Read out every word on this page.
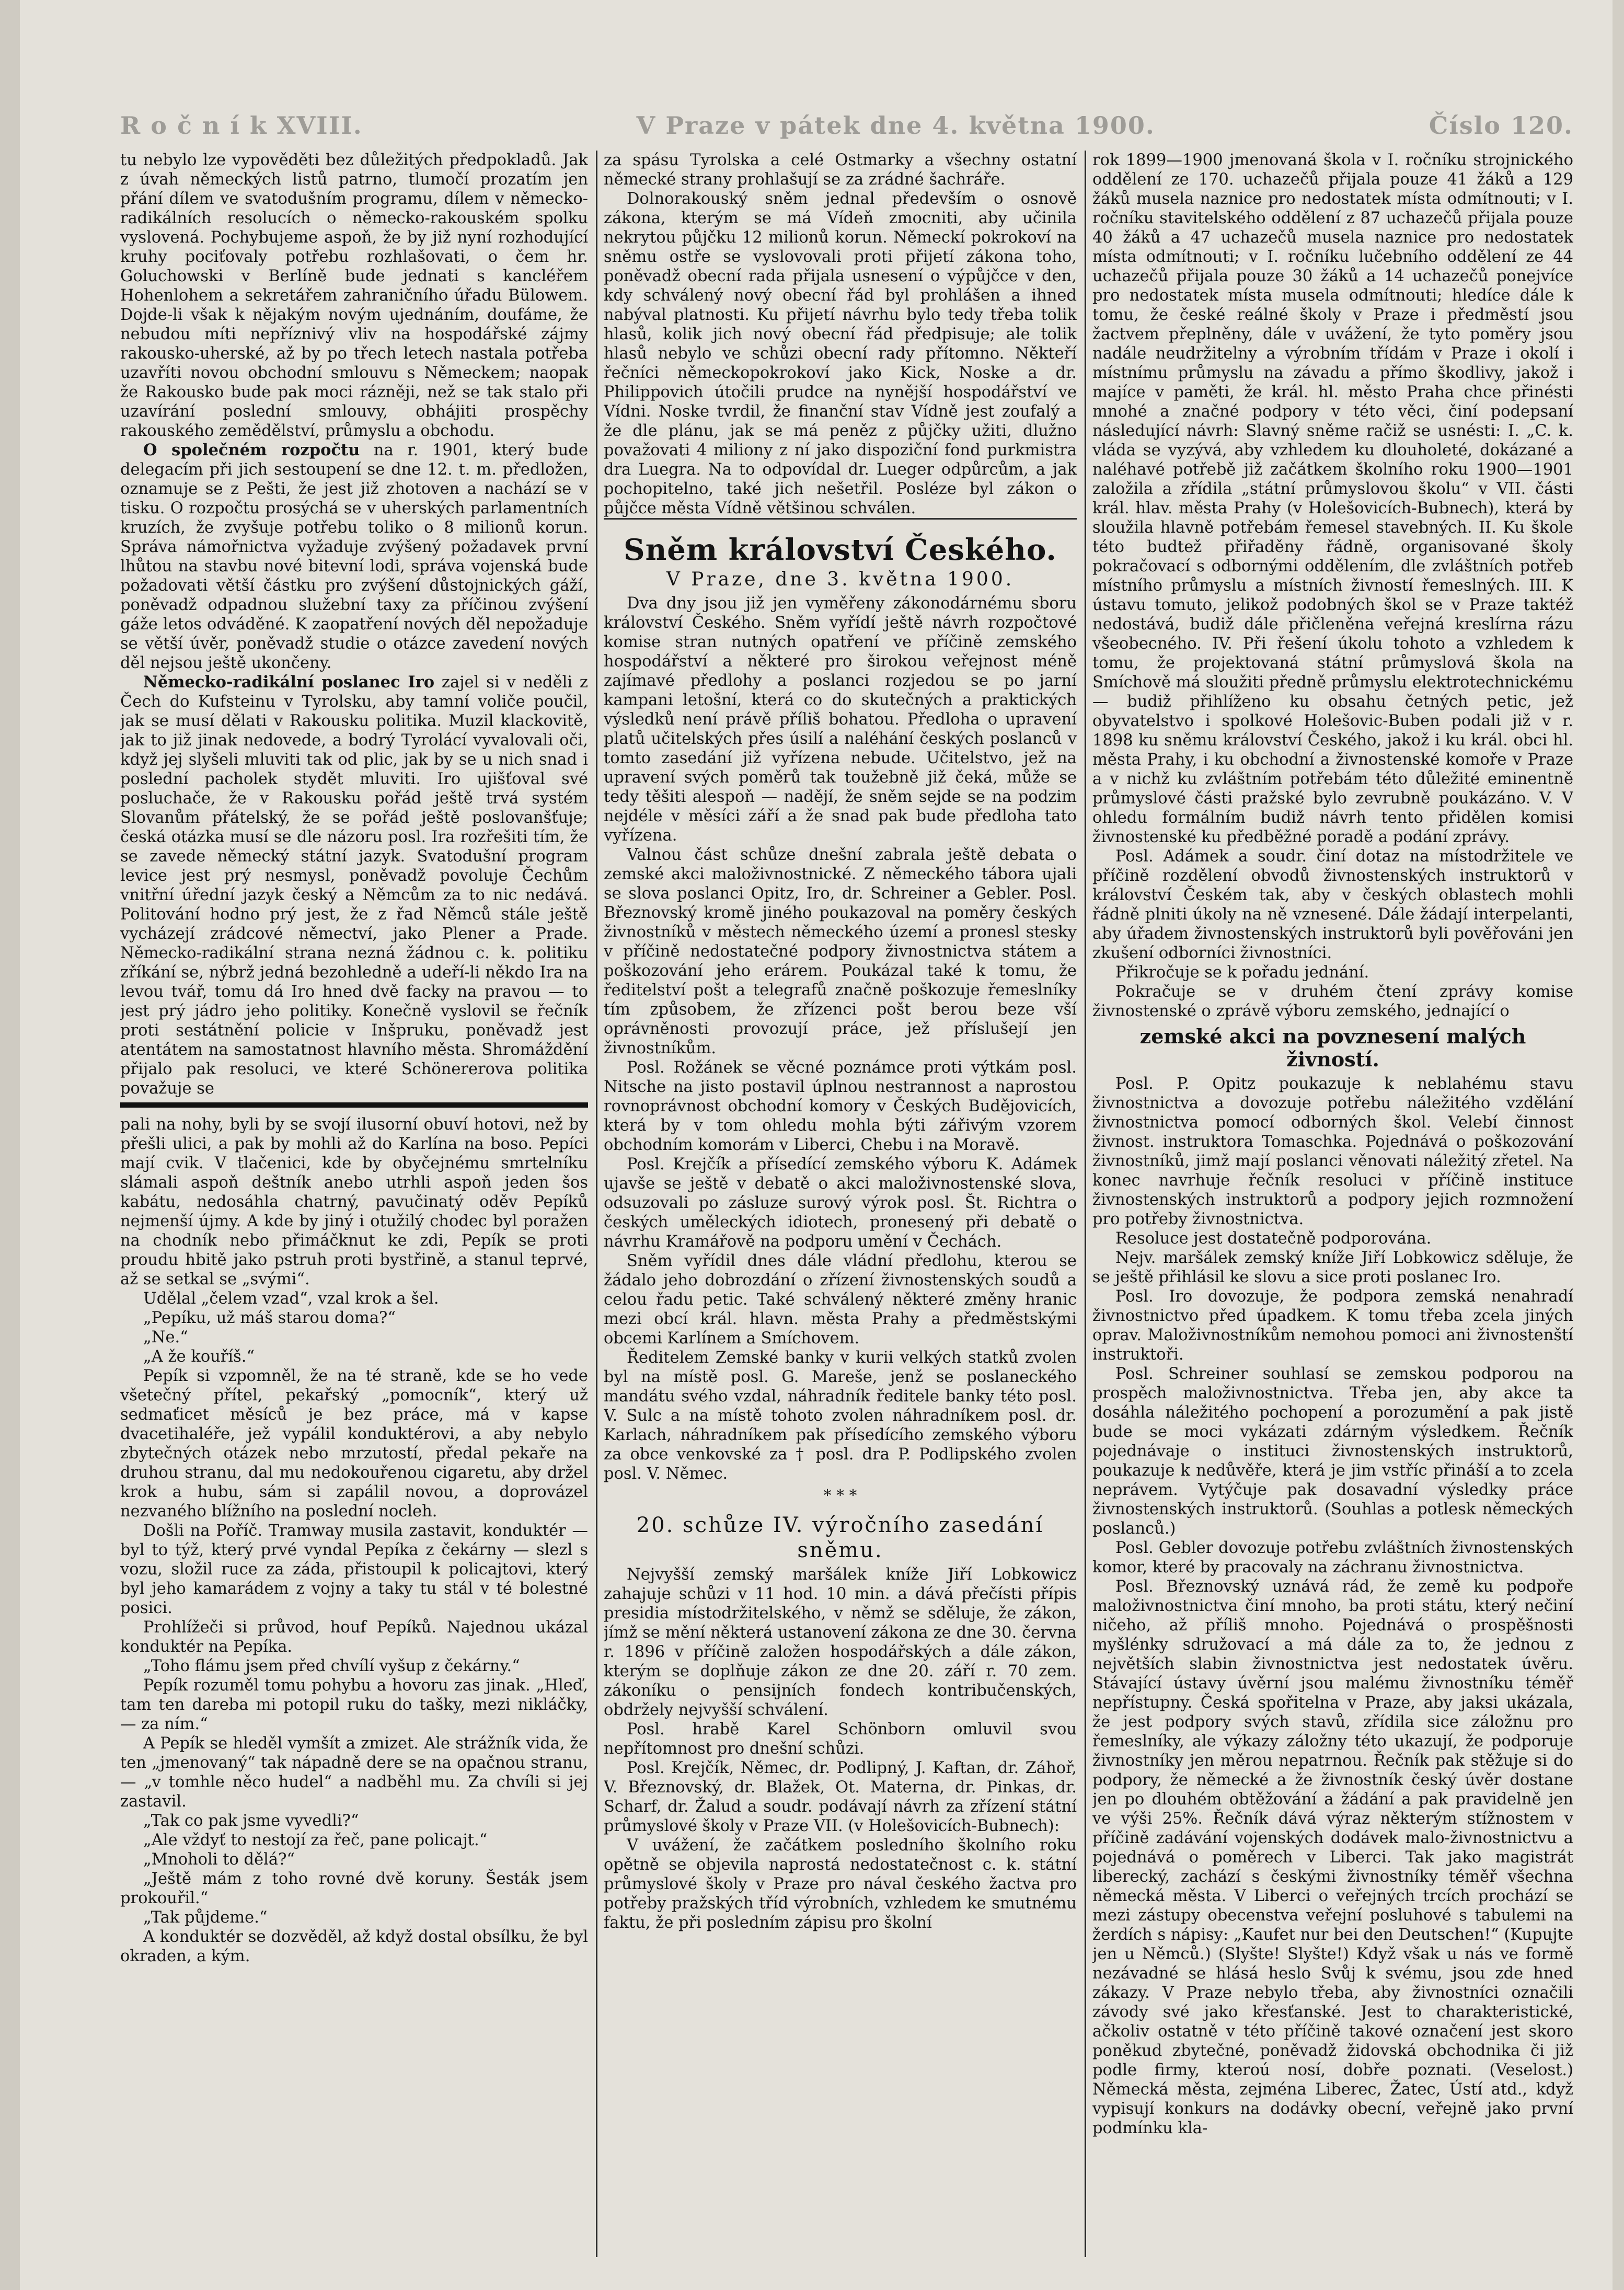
R o č n í k XVIII.	V Praze v pátek dne 4. května 1900.	Číslo 120.

tu nebylo lze vypověděti bez důležitých předpokladů. Jak z úvah německých listů patrno, tlumočí prozatím jen přání dílem ve svatodušním programu, dílem v německo-radikálních resolucích o německo-rakouském spolku vyslovená. Pochybujeme aspoň, že by již nyní rozhodující kruhy pociťovaly potřebu rozhlašovati, o čem hr. Goluchowski v Berlíně bude jednati s kancléřem Hohenlohem a sekretářem zahraničního úřadu Bülowem. Dojde-li však k nějakým novým ujednáním, doufáme, že nebudou míti nepříznivý vliv na hospodářské zájmy rakousko-uherské, až by po třech letech nastala potřeba uzavříti novou obchodní smlouvu s Německem; naopak že Rakousko bude pak moci rázněji, než se tak stalo při uzavírání poslední smlouvy, obhájiti prospěchy rakouského zemědělství, průmyslu a obchodu.

O společném rozpočtu na r. 1901, který bude delegacím při jich sestoupení se dne 12. t. m. předložen, oznamuje se z Pešti, že jest již zhotoven a nachází se v tisku. O rozpočtu prosýchá se v uherských parlamentních kruzích, že zvyšuje potřebu toliko o 8 milionů korun. Správa námořnictva vyžaduje zvýšený požadavek první lhůtou na stavbu nové bitevní lodi, správa vojenská bude požadovati větší částku pro zvýšení důstojnických gáží, poněvadž odpadnou služební taxy za příčinou zvýšení gáže letos odváděné. K zaopatření nových děl nepožaduje se větší úvěr, poněvadž studie o otázce zavedení nových děl nejsou ještě ukončeny.

Německo-radikální poslanec Iro zajel si v neděli z Čech do Kufsteinu v Tyrolsku, aby tamní voliče poučil, jak se musí dělati v Rakousku politika. Muzil klackovitě, jak to již jinak nedovede, a bodrý Tyrolácí vyvalovali oči, když jej slyšeli mluviti tak od plic, jak by se u nich snad i poslední pacholek stydět mluviti. Iro ujišťoval své posluchače, že v Rakousku pořád ještě trvá systém Slovanům přátelský, že se pořád ještě poslovanšťuje; česká otázka musí se dle názoru posl. Ira rozřešiti tím, že se zavede německý státní jazyk. Svatodušní program levice jest prý nesmysl, poněvadž povoluje Čechům vnitřní úřední jazyk český a Němcům za to nic nedává. Politování hodno prý jest, že z řad Němců stále ještě vycházejí zrádcové němectví, jako Plener a Prade. Německo-radikální strana nezná žádnou c. k. politiku zříkání se, nýbrž jedná bezohledně a udeří-li někdo Ira na levou tvář, tomu dá Iro hned dvě facky na pravou — to jest prý jádro jeho politiky. Konečně vyslovil se řečník proti sestátnění policie v Inšpruku, poněvadž jest atentátem na samostatnost hlavního města. Shromáždění přijalo pak resoluci, ve které Schönererova politika považuje se

pali na nohy, byli by se svojí ilusorní obuví hotovi, než by přešli ulici, a pak by mohli až do Karlína na boso. Pepíci mají cvik. V tlačenici, kde by obyčejnému smrtelníku slámali aspoň deštník anebo utrhli aspoň jeden šos kabátu, nedosáhla chatrný, pavučinatý oděv Pepíků nejmenší újmy. A kde by jiný i otužilý chodec byl poražen na chodník nebo přimáčknut ke zdi, Pepík se proti proudu hbitě jako pstruh proti bystřině, a stanul teprvé, až se setkal se „svými“.

Udělal „čelem vzad“, vzal krok a šel.

„Pepíku, už máš starou doma?“

„Ne.“

„A že kouříš.“

Pepík si vzpomněl, že na té straně, kde se ho vede všetečný přítel, pekařský „pomocník“, který už sedmaťicet měsíců je bez práce, má v kapse dvacetihaléře, jež vypálil konduktérovi, a aby nebylo zbytečných otázek nebo mrzutostí, předal pekaře na druhou stranu, dal mu nedokouřenou cigaretu, aby držel krok a hubu, sám si zapálil novou, a doprovázel nezvaného blížního na poslední nocleh.

Došli na Poříč. Tramway musila zastavit, konduktér — byl to týž, který prvé vyndal Pepíka z čekárny — slezl s vozu, složil ruce za záda, přistoupil k policajtovi, který byl jeho kamarádem z vojny a taky tu stál v té bolestné posici.

Prohlížeči si průvod, houf Pepíků. Najednou ukázal konduktér na Pepíka.

„Toho flámu jsem před chvílí vyšup z čekárny.“

Pepík rozuměl tomu pohybu a hovoru zas jinak. „Hleď, tam ten dareba mi potopil ruku do tašky, mezi nikláčky, — za ním.“

A Pepík se hleděl vymšít a zmizet. Ale strážník vida, že ten „jmenovaný“ tak nápadně dere se na opačnou stranu, — „v tomhle něco hudel“ a nadběhl mu. Za chvíli si jej zastavil.

„Tak co pak jsme vyvedli?“

„Ale vždyť to nestojí za řeč, pane policajt.“

„Mnoholi to dělá?“

„Ještě mám z toho rovné dvě koruny. Šesták jsem prokouřil.“

„Tak půjdeme.“

A konduktér se dozvěděl, až když dostal obsílku, že byl okraden, a kým.

za spásu Tyrolska a celé Ostmarky a všechny ostatní německé strany prohlašují se za zrádné šachráře.

Dolnorakouský sněm jednal především o osnově zákona, kterým se má Vídeň zmocniti, aby učinila nekrytou půjčku 12 milionů korun. Německí pokrokoví na sněmu ostře se vyslovovali proti přijetí zákona toho, poněvadž obecní rada přijala usnesení o výpůjčce v den, kdy schválený nový obecní řád byl prohlášen a ihned nabýval platnosti. Ku přijetí návrhu bylo tedy třeba tolik hlasů, kolik jich nový obecní řád předpisuje; ale tolik hlasů nebylo ve schůzi obecní rady přítomno. Někteří řečníci německopokrokoví jako Kick, Noske a dr. Philippovich útočili prudce na nynější hospodářství ve Vídni. Noske tvrdil, že finanční stav Vídně jest zoufalý a že dle plánu, jak se má peněz z půjčky užiti, dlužno považovati 4 miliony z ní jako dispoziční fond purkmistra dra Luegra. Na to odpovídal dr. Lueger odpůrcům, a jak pochopitelno, také jich nešetřil. Posléze byl zákon o půjčce města Vídně většinou schválen.

Sněm království Českého.
V Praze, dne 3. května 1900.

Dva dny jsou již jen vyměřeny zákonodárnému sboru království Českého. Sněm vyřídí ještě návrh rozpočtové komise stran nutných opatření ve příčině zemského hospodářství a některé pro širokou veřejnost méně zajímavé předlohy a poslanci rozjedou se po jarní kampani letošní, která co do skutečných a praktických výsledků není právě příliš bohatou. Předloha o upravení platů učitelských přes úsilí a naléhání českých poslanců v tomto zasedání již vyřízena nebude. Učitelstvo, jež na upravení svých poměrů tak toužebně již čeká, může se tedy těšiti alespoň — nadějí, že sněm sejde se na podzim nejdéle v měsíci září a že snad pak bude předloha tato vyřízena.

Valnou část schůze dnešní zabrala ještě debata o zemské akci maloživnostnické. Z německého tábora ujali se slova poslanci Opitz, Iro, dr. Schreiner a Gebler. Posl. Březnovský kromě jiného poukazoval na poměry českých živnostníků v městech německého území a pronesl stesky v příčině nedostatečné podpory živnostnictva státem a poškozování jeho erárem. Poukázal také k tomu, že ředitelství pošt a telegrafů značně poškozuje řemeslníky tím způsobem, že zřízenci pošt berou beze vší oprávněnosti provozují práce, jež příslušejí jen živnostníkům.

Posl. Rožánek se věcné poznámce proti výtkám posl. Nitsche na jisto postavil úplnou nestrannost a naprostou rovnoprávnost obchodní komory v Českých Budějovicích, která by v tom ohledu mohla býti zářivým vzorem obchodním komorám v Liberci, Chebu i na Moravě.

Posl. Krejčík a přísedící zemského výboru K. Adámek ujavše se ještě v debatě o akci maloživnostenské slova, odsuzovali po zásluze surový výrok posl. Št. Richtra o českých uměleckých idiotech, pronesený při debatě o návrhu Kramářově na podporu umění v Čechách.

Sněm vyřídil dnes dále vládní předlohu, kterou se žádalo jeho dobrozdání o zřízení živnostenských soudů a celou řadu petic. Také schválený některé změny hranic mezi obcí král. hlavn. města Prahy a předměstskými obcemi Karlínem a Smíchovem.

Ředitelem Zemské banky v kurii velkých statků zvolen byl na místě posl. G. Mareše, jenž se poslaneckého mandátu svého vzdal, náhradník ředitele banky této posl. V. Sulc a na místě tohoto zvolen náhradníkem posl. dr. Karlach, náhradníkem pak přísedícího zemského výboru za obce venkovské za † posl. dra P. Podlipského zvolen posl. V. Němec.

* * *
20. schůze IV. výročního zasedání sněmu.

Nejvyšší zemský maršálek kníže Jiří Lobkowicz zahajuje schůzi v 11 hod. 10 min. a dává přečísti přípis presidia místodržitelského, v němž se sděluje, že zákon, jímž se mění některá ustanovení zákona ze dne 30. června r. 1896 v příčině založen hospodářských a dále zákon, kterým se doplňuje zákon ze dne 20. září r. 70 zem. zákoníku o pensijních fondech kontribučenských, obdržely nejvyšší schválení.

Posl. hrabě Karel Schönborn omluvil svou nepřítomnost pro dnešní schůzi.

Posl. Krejčík, Němec, dr. Podlipný, J. Kaftan, dr. Záhoř, V. Březnovský, dr. Blažek, Ot. Materna, dr. Pinkas, dr. Scharf, dr. Žalud a soudr. podávají návrh za zřízení státní průmyslové školy v Praze VII. (v Holešovicích-Bubnech):

V uvážení, že začátkem posledního školního roku opětně se objevila naprostá nedostatečnost c. k. státní průmyslové školy v Praze pro nával českého žactva pro potřeby pražských tříd výrobních, vzhledem ke smutnému faktu, že při posledním zápisu pro školní

rok 1899—1900 jmenovaná škola v I. ročníku strojnického oddělení ze 170. uchazečů přijala pouze 41 žáků a 129 žáků musela naznice pro nedostatek místa odmítnouti; v I. ročníku stavitelského oddělení z 87 uchazečů přijala pouze 40 žáků a 47 uchazečů musela naznice pro nedostatek místa odmítnouti; v I. ročníku lučebního oddělení ze 44 uchazečů přijala pouze 30 žáků a 14 uchazečů ponejvíce pro nedostatek místa musela odmítnouti; hledíce dále k tomu, že české reálné školy v Praze i předměstí jsou žactvem přeplněny, dále v uvážení, že tyto poměry jsou nadále neudržitelny a výrobním třídám v Praze i okolí i místnímu průmyslu na závadu a přímo škodlivy, jakož i majíce v paměti, že král. hl. město Praha chce přinésti mnohé a značné podpory v této věci, činí podepsaní následující návrh: Slavný sněme račiž se usnésti: I. „C. k. vláda se vyzývá, aby vzhledem ku dlouholeté, dokázané a naléhavé potřebě již začátkem školního roku 1900—1901 založila a zřídila „státní průmyslovou školu“ v VII. části král. hlav. města Prahy (v Holešovicích-Bubnech), která by sloužila hlavně potřebám řemesel stavebných. II. Ku škole této budtež přiřaděny řádně, organisované školy pokračovací s odbornými oddělením, dle zvláštních potřeb místního průmyslu a místních živností řemeslných. III. K ústavu tomuto, jelikož podobných škol se v Praze taktéž nedostává, budiž dále přičleněna veřejná kreslírna rázu všeobecného. IV. Při řešení úkolu tohoto a vzhledem k tomu, že projektovaná státní průmyslová škola na Smíchově má sloužiti předně průmyslu elektrotechnickému — budiž přihlíženo ku obsahu četných petic, jež obyvatelstvo i spolkové Holešovic-Buben podali již v r. 1898 ku sněmu království Českého, jakož i ku král. obci hl. města Prahy, i ku obchodní a živnostenské komoře v Praze a v nichž ku zvláštním potřebám této důležité eminentně průmyslové části pražské bylo zevrubně poukázáno. V. V ohledu formálním budiž návrh tento přidělen komisi živnostenské ku předběžné poradě a podání zprávy.

Posl. Adámek a soudr. činí dotaz na místodržitele ve příčině rozdělení obvodů živnostenských instruktorů v království Českém tak, aby v českých oblastech mohli řádně plniti úkoly na ně vznesené. Dále žádají interpelanti, aby úřadem živnostenských instruktorů byli pověřováni jen zkušení odborníci živnostníci.

Přikročuje se k pořadu jednání.

Pokračuje se v druhém čtení zprávy komise živnostenské o zprávě výboru zemského, jednající o

zemské akci na povznesení malých živností.

Posl. P. Opitz poukazuje k neblahému stavu živnostnictva a dovozuje potřebu náležitého vzdělání živnostnictva pomocí odborných škol. Velebí činnost živnost. instruktora Tomaschka. Pojednává o poškozování živnostníků, jimž mají poslanci věnovati náležitý zřetel. Na konec navrhuje řečník resoluci v příčině instituce živnostenských instruktorů a podpory jejich rozmnožení pro potřeby živnostnictva.

Resoluce jest dostatečně podporována.

Nejv. maršálek zemský kníže Jiří Lobkowicz sděluje, že se ještě přihlásil ke slovu a sice proti poslanec Iro.

Posl. Iro dovozuje, že podpora zemská nenahradí živnostnictvo před úpadkem. K tomu třeba zcela jiných oprav. Maloživnostníkům nemohou pomoci ani živnostenští instruktoři.

Posl. Schreiner souhlasí se zemskou podporou na prospěch maloživnostnictva. Třeba jen, aby akce ta dosáhla náležitého pochopení a porozumění a pak jistě bude se moci vykázati zdárným výsledkem. Řečník pojednávaje o instituci živnostenských instruktorů, poukazuje k nedůvěře, která je jim vstříc přináší a to zcela neprávem. Vytýčuje pak dosavadní výsledky práce živnostenských instruktorů. (Souhlas a potlesk německých poslanců.)

Posl. Gebler dovozuje potřebu zvláštních živnostenských komor, které by pracovaly na záchranu živnostnictva.

Posl. Březnovský uznává rád, že země ku podpoře maloživnostnictva činí mnoho, ba proti státu, který nečiní ničeho, až příliš mnoho. Pojednává o prospěšnosti myšlénky sdružovací a má dále za to, že jednou z největších slabin živnostnictva jest nedostatek úvěru. Stávající ústavy úvěrní jsou malému živnostníku téměř nepřístupny. Česká spořitelna v Praze, aby jaksi ukázala, že jest podpory svých stavů, zřídila sice záložnu pro řemeslníky, ale výkazy záložny této ukazují, že podporuje živnostníky jen měrou nepatrnou. Řečník pak stěžuje si do podpory, že německé a že živnostník český úvěr dostane jen po dlouhém obtěžování a žádání a pak pravidelně jen ve výši 25%. Řečník dává výraz některým stížnostem v příčině zadávání vojenských dodávek malo-živnostnictvu a pojednává o poměrech v Liberci. Tak jako magistrát liberecký, zachází s českými živnostníky téměř všechna německá města. V Liberci o veřejných trcích prochází se mezi zástupy obecenstva veřejní posluhové s tabulemi na žerdích s nápisy: „Kaufet nur bei den Deutschen!“ (Kupujte jen u Němců.) (Slyšte! Slyšte!) Když však u nás ve formě nezávadné se hlásá heslo Svůj k svému, jsou zde hned zákazy. V Praze nebylo třeba, aby živnostníci označili závody své jako křesťanské. Jest to charakteristické, ačkoliv ostatně v této příčině takové označení jest skoro poněkud zbytečné, poněvadž židovská obchodnika či již podle firmy, kteroú nosí, dobře poznati. (Veselost.) Německá města, zejména Liberec, Žatec, Ústí atd., když vypisují konkurs na dodávky obecní, veřejně jako první podmínku kla-
